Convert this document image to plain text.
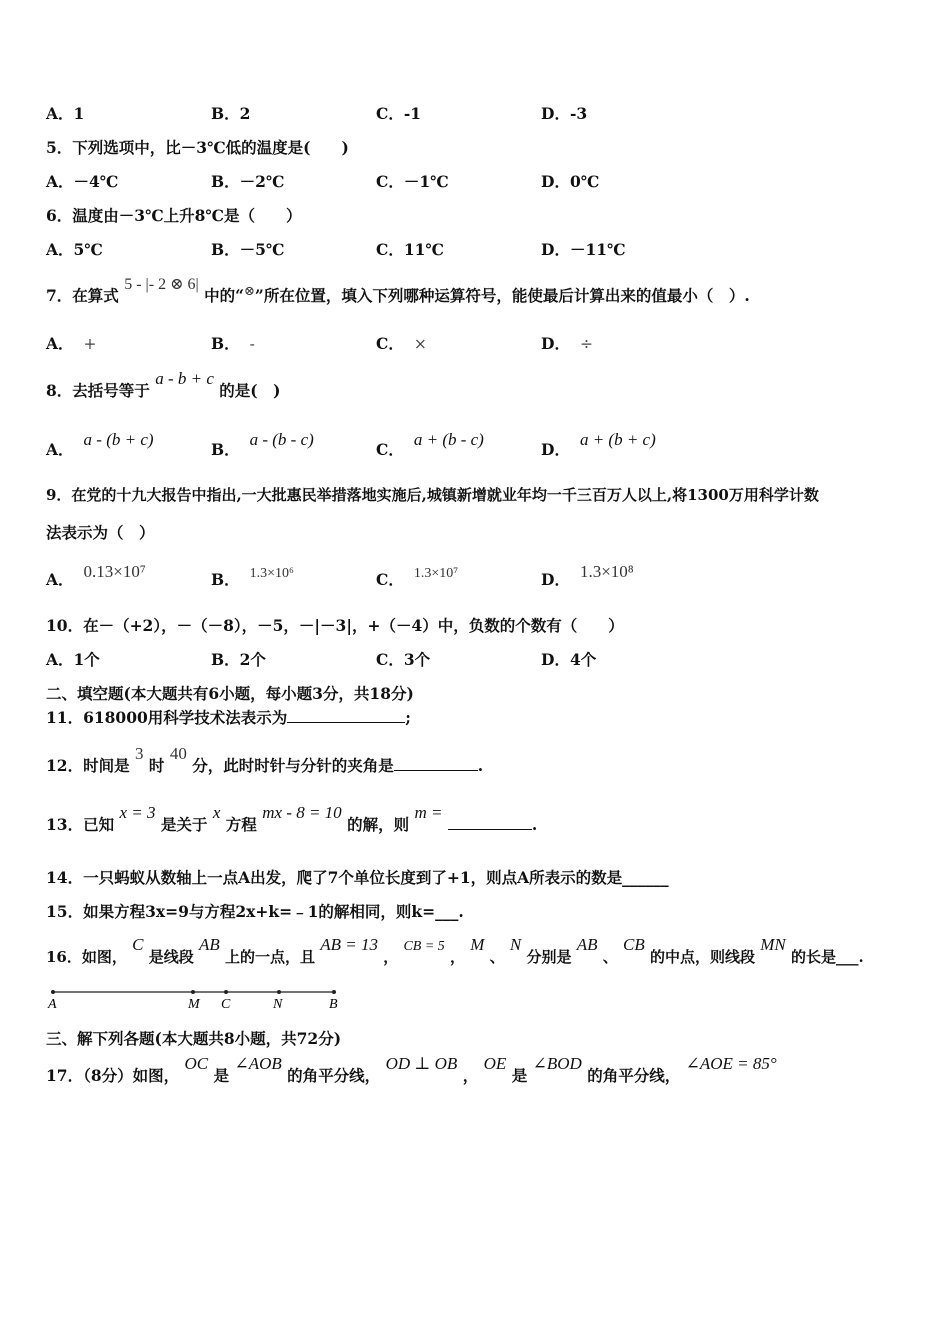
A．1	B．2	C．-1	D．-3
5．下列选项中，比－3℃低的温度是(　　)
A．－4℃	B．－2℃	C．－1℃	D．0℃
6．温度由－3℃上升8℃是（　　）
A．5℃	B．－5℃	C．11℃	D．－11℃
7．在算式 5 - |- 2 ⊗ 6| 中的“⊗”所在位置，填入下列哪种运算符号，能使最后计算出来的值最小（　）.
A． +	B． -	C． ×	D． ÷
8．去括号等于 a - b + c 的是(　)
A．a - (b + c)
B．a - (b - c)
C．a + (b - c)
D．a + (b + c)
9．在党的十九大报告中指出,一大批惠民举措落地实施后,城镇新增就业年均一千三百万人以上,将1300万用科学计数
法表示为（　）
A． 0.13×10⁷	B． 1.3×10⁶	C． 1.3×10⁷	D． 1.3×10⁸
10．在－（+2），－（－8），－5，－|－3|，+（－4）中，负数的个数有（　　）
A．1个	B．2个	C．3个	D．4个
二、填空题(本大题共有6小题，每小题3分，共18分)
11．618000用科学技术法表示为	;
12．时间是 3 时 40 分，此时时针与分针的夹角是	.
13．已知 x = 3 是关于 x 方程 mx - 8 = 10 的解，则 m = .
14．一只蚂蚁从数轴上一点A出发，爬了7个单位长度到了+1，则点A所表示的数是______
15．如果方程3x=9与方程2x+k=﹣1的解相同，则k=___.
16．如图， C 是线段 AB 上的一点，且 AB = 13 ， CB = 5 ， M 、 N 分别是 AB 、 CB 的中点，则线段 MN 的长是___.
A	M C	N	B
三、解下列各题(本大题共8小题，共72分)
17．（8分）如图， OC 是 ∠AOB 的角平分线， OD ⊥ OB ， OE 是 ∠BOD 的角平分线， ∠AOE = 85°
